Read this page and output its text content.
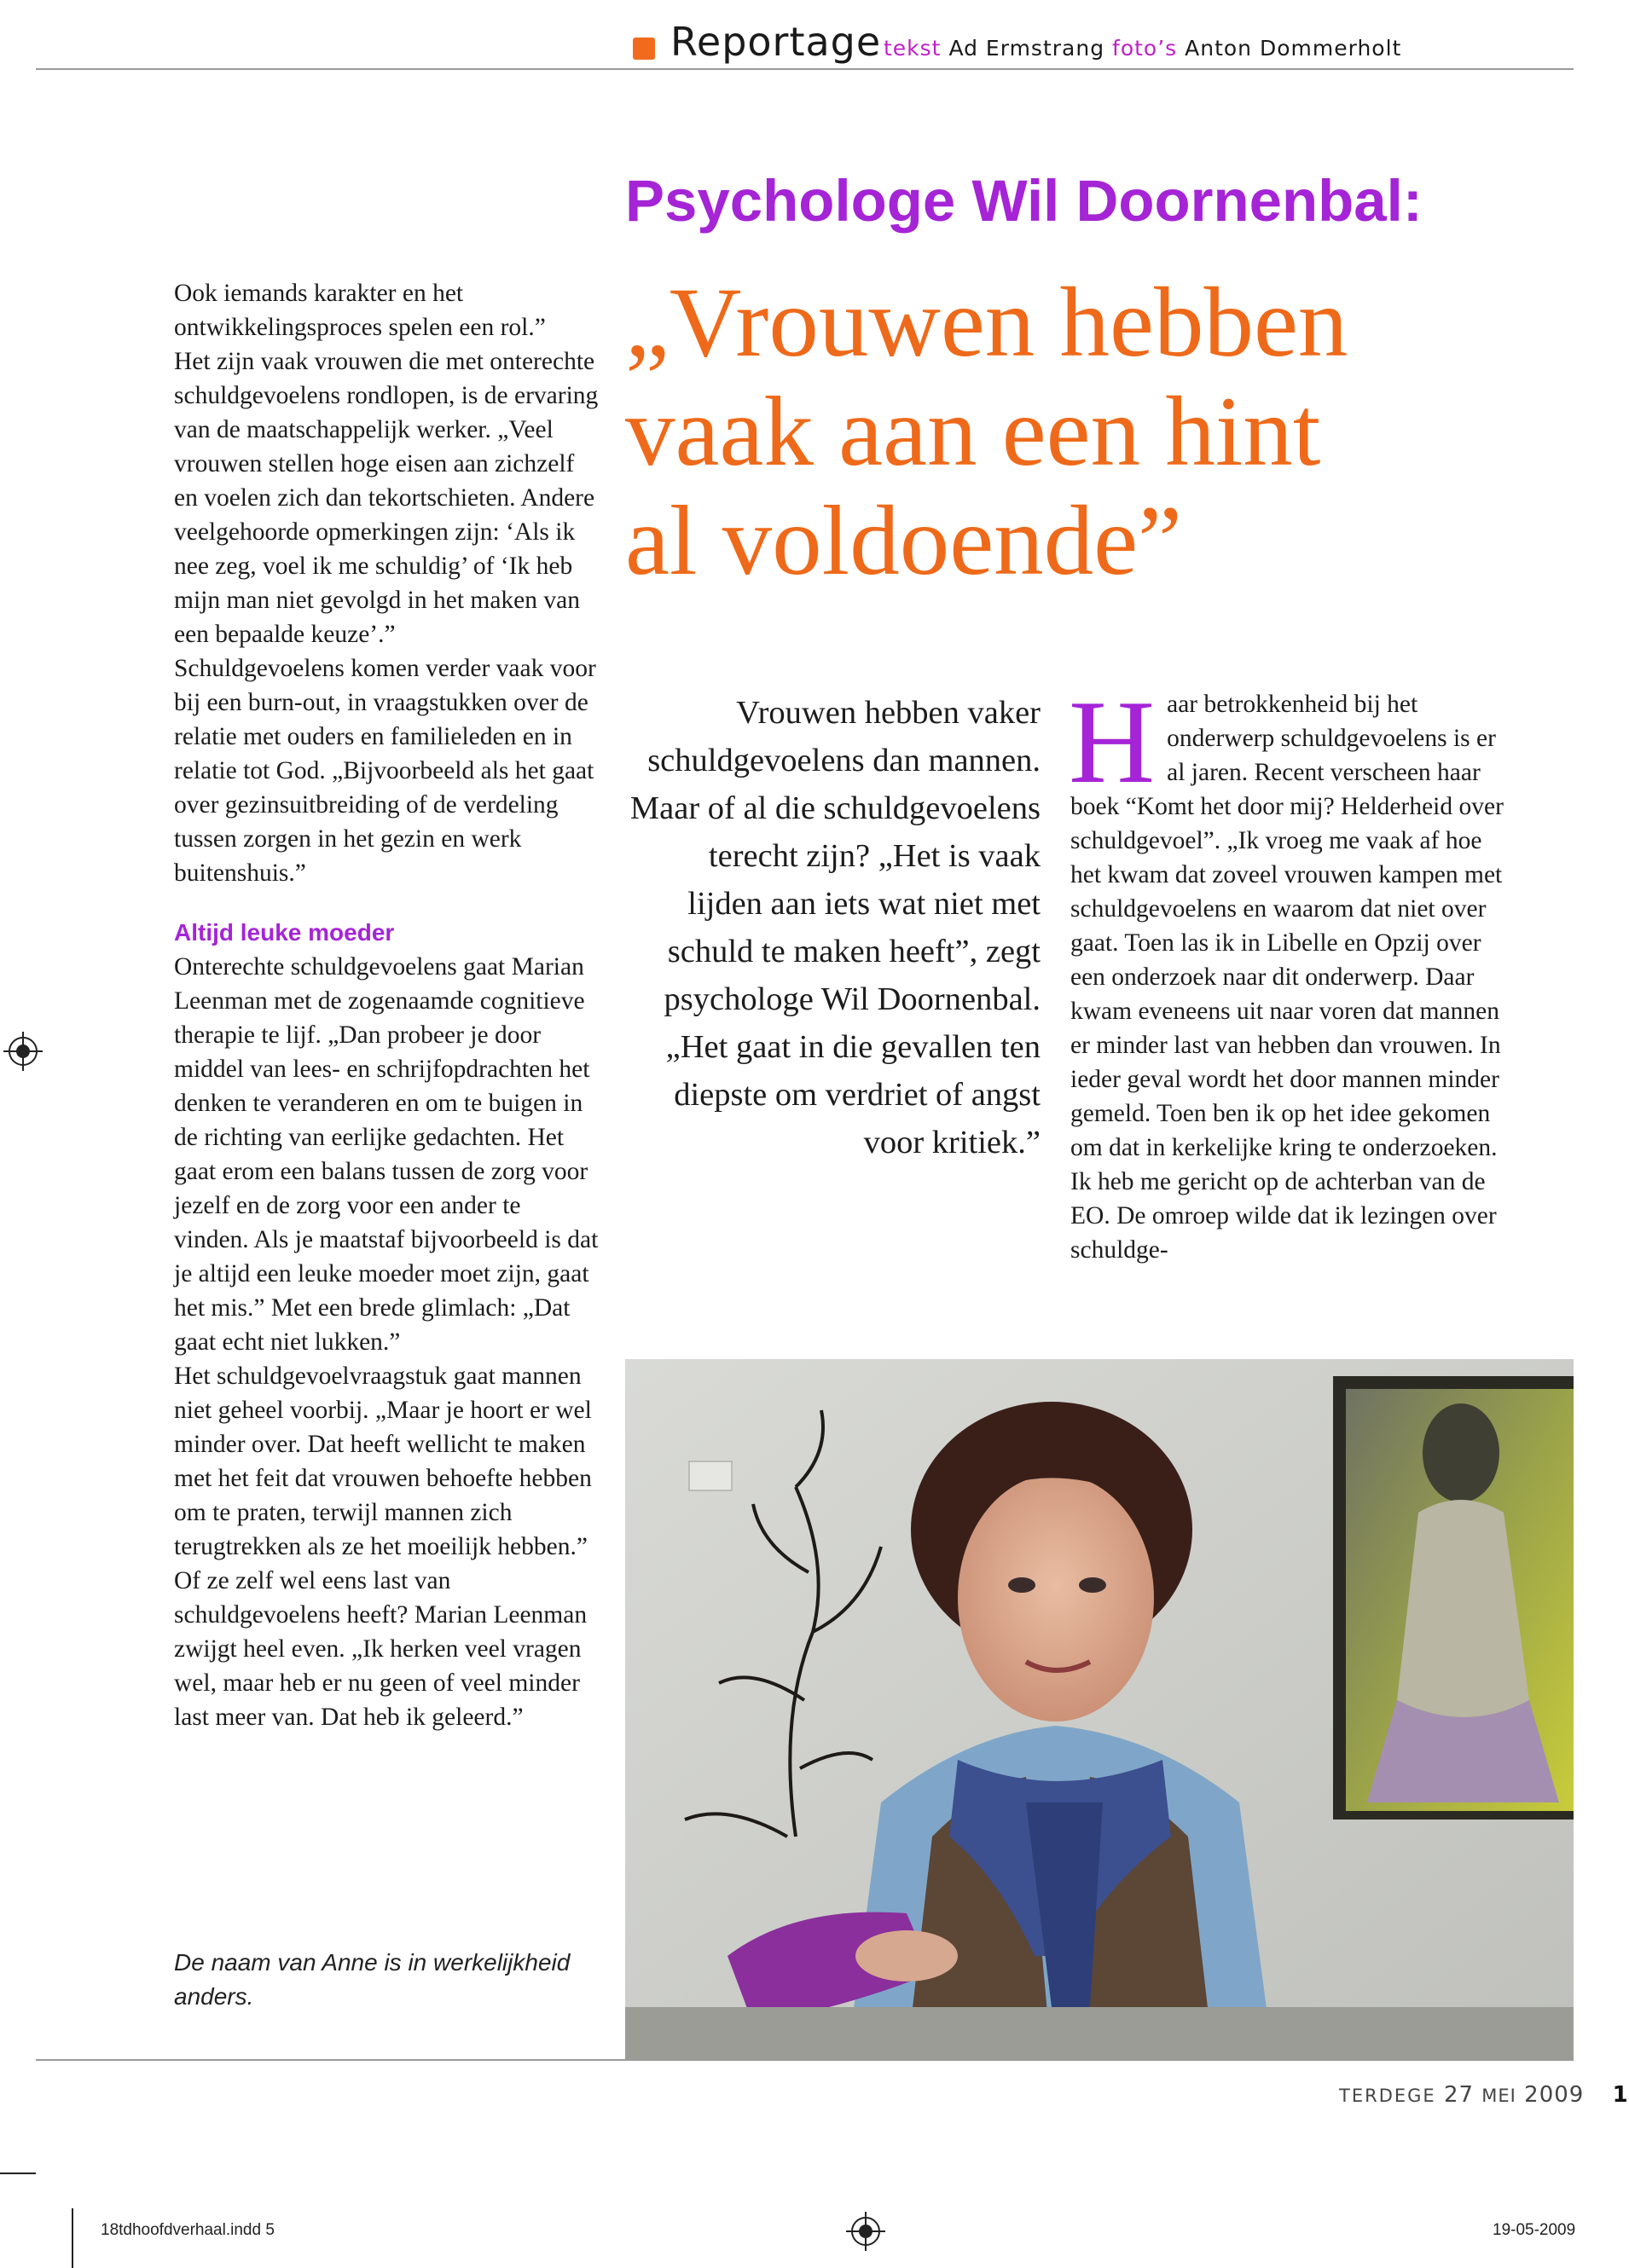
Reportage tekst Ad Ermstrang foto’s Anton Dommerholt
Psychologe Wil Doornenbal:
„Vrouwen hebben
vaak aan een hint
al voldoende”

Ook iemands karakter en het ontwikkelingsproces spelen een rol.”

Het zijn vaak vrouwen die met onterechte schuldgevoelens rondlopen, is de ervaring van de maatschappelijk werker. „Veel vrouwen stellen hoge eisen aan zichzelf en voelen zich dan tekortschieten. Andere veelgehoorde opmerkingen zijn: ‘Als ik nee zeg, voel ik me schuldig’ of ‘Ik heb mijn man niet gevolgd in het maken van een bepaalde keuze’.”

Schuldgevoelens komen verder vaak voor bij een burn-out, in vraagstukken over de relatie met ouders en familieleden en in relatie tot God. „Bijvoorbeeld als het gaat over gezinsuitbreiding of de verdeling tussen zorgen in het gezin en werk buitenshuis.”

Altijd leuke moeder

Onterechte schuldgevoelens gaat Marian Leenman met de zogenaamde cognitieve therapie te lijf. „Dan probeer je door middel van lees- en schrijfopdrachten het denken te veranderen en om te buigen in de richting van eerlijke gedachten. Het gaat erom een balans tussen de zorg voor jezelf en de zorg voor een ander te vinden. Als je maatstaf bijvoorbeeld is dat je altijd een leuke moeder moet zijn, gaat het mis.” Met een brede glimlach: „Dat gaat echt niet lukken.”

Het schuldgevoelvraagstuk gaat mannen niet geheel voorbij. „Maar je hoort er wel minder over. Dat heeft wellicht te maken met het feit dat vrouwen behoefte hebben om te praten, terwijl mannen zich terugtrekken als ze het moeilijk hebben.”

Of ze zelf wel eens last van schuldgevoelens heeft? Marian Leenman zwijgt heel even. „Ik herken veel vragen wel, maar heb er nu geen of veel minder last meer van. Dat heb ik geleerd.”

De naam van Anne is in werkelijkheid anders.
Vrouwen hebben vaker schuldgevoelens dan mannen. Maar of al die schuldgevoelens terecht zijn? „Het is vaak lijden aan iets wat niet met schuld te maken heeft”, zegt psychologe Wil Doornenbal. „Het gaat in die gevallen ten diepste om verdriet of angst voor kritiek.”
H aar betrokkenheid bij het onderwerp schuldgevoelens is er al jaren. Recent verscheen haar boek “Komt het door mij? Helderheid over schuldgevoel”. „Ik vroeg me vaak af hoe het kwam dat zoveel vrouwen kampen met schuldgevoelens en waarom dat niet over gaat. Toen las ik in Libelle en Opzij over een onderzoek naar dit onderwerp. Daar kwam eveneens uit naar voren dat mannen er minder last van hebben dan vrouwen. In ieder geval wordt het door mannen minder gemeld. Toen ben ik op het idee gekomen om dat in kerkelijke kring te onderzoeken. Ik heb me gericht op de achterban van de EO. De omroep wilde dat ik lezingen over schuldge-
TERDEGE 27 MEI 2009 1
18tdhoofdverhaal.indd 5	19-05-2009
